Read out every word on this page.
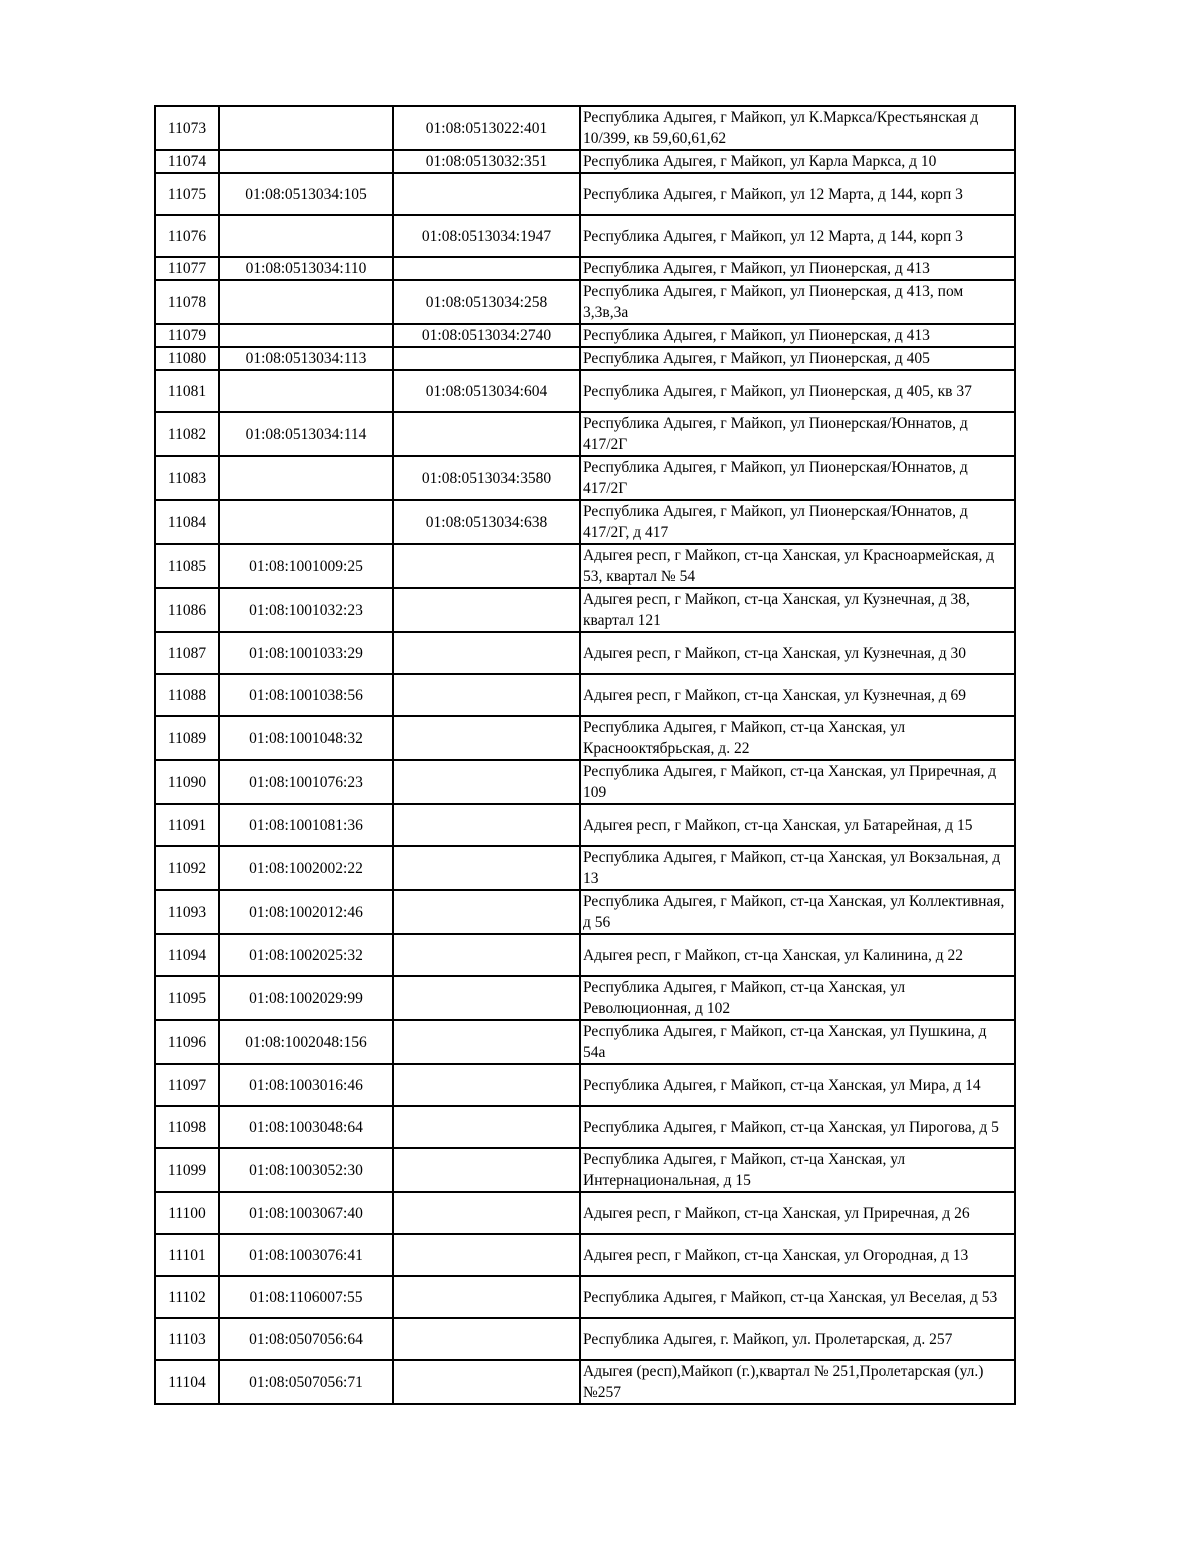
11073		01:08:0513022:401	Республика Адыгея, г Майкоп, ул К.Маркса/Крестьянская д 10/399, кв 59,60,61,62
11074		01:08:0513032:351	Республика Адыгея, г Майкоп, ул Карла Маркса, д 10
11075	01:08:0513034:105		Республика Адыгея, г Майкоп, ул 12 Марта, д 144, корп 3
11076		01:08:0513034:1947	Республика Адыгея, г Майкоп, ул 12 Марта, д 144, корп 3
11077	01:08:0513034:110		Республика Адыгея, г Майкоп, ул Пионерская, д 413
11078		01:08:0513034:258	Республика Адыгея, г Майкоп, ул Пионерская, д 413, пом 3,3в,3а
11079		01:08:0513034:2740	Республика Адыгея, г Майкоп, ул Пионерская, д 413
11080	01:08:0513034:113		Республика Адыгея, г Майкоп, ул Пионерская, д 405
11081		01:08:0513034:604	Республика Адыгея, г Майкоп, ул Пионерская, д 405, кв 37
11082	01:08:0513034:114		Республика Адыгея, г Майкоп, ул Пионерская/Юннатов, д 417/2Г
11083		01:08:0513034:3580	Республика Адыгея, г Майкоп, ул Пионерская/Юннатов, д 417/2Г
11084		01:08:0513034:638	Республика Адыгея, г Майкоп, ул Пионерская/Юннатов, д 417/2Г, д 417
11085	01:08:1001009:25		Адыгея респ, г Майкоп, ст-ца Ханская, ул Красноармейская, д 53, квартал № 54
11086	01:08:1001032:23		Адыгея респ, г Майкоп, ст-ца Ханская, ул Кузнечная, д 38, квартал 121
11087	01:08:1001033:29		Адыгея респ, г Майкоп, ст-ца Ханская, ул Кузнечная, д 30
11088	01:08:1001038:56		Адыгея респ, г Майкоп, ст-ца Ханская, ул Кузнечная, д 69
11089	01:08:1001048:32		Республика Адыгея, г Майкоп, ст-ца Ханская, ул Краснооктябрьская, д. 22
11090	01:08:1001076:23		Республика Адыгея, г Майкоп, ст-ца Ханская, ул Приречная, д 109
11091	01:08:1001081:36		Адыгея респ, г Майкоп, ст-ца Ханская, ул Батарейная, д 15
11092	01:08:1002002:22		Республика Адыгея, г Майкоп, ст-ца Ханская, ул Вокзальная, д 13
11093	01:08:1002012:46		Республика Адыгея, г Майкоп, ст-ца Ханская, ул Коллективная, д 56
11094	01:08:1002025:32		Адыгея респ, г Майкоп, ст-ца Ханская, ул Калинина, д 22
11095	01:08:1002029:99		Республика Адыгея, г Майкоп, ст-ца Ханская, ул Революционная, д 102
11096	01:08:1002048:156		Республика Адыгея, г Майкоп, ст-ца Ханская, ул Пушкина, д 54а
11097	01:08:1003016:46		Республика Адыгея, г Майкоп, ст-ца Ханская, ул Мира, д 14
11098	01:08:1003048:64		Республика Адыгея, г Майкоп, ст-ца Ханская, ул Пирогова, д 5
11099	01:08:1003052:30		Республика Адыгея, г Майкоп, ст-ца Ханская, ул Интернациональная, д 15
11100	01:08:1003067:40		Адыгея респ, г Майкоп, ст-ца Ханская, ул Приречная, д 26
11101	01:08:1003076:41		Адыгея респ, г Майкоп, ст-ца Ханская, ул Огородная, д 13
11102	01:08:1106007:55		Республика Адыгея, г Майкоп, ст-ца Ханская, ул Веселая, д 53
11103	01:08:0507056:64		Республика Адыгея, г. Майкоп, ул. Пролетарская, д. 257
11104	01:08:0507056:71		Адыгея (респ),Майкоп (г.),квартал № 251,Пролетарская (ул.) №257
